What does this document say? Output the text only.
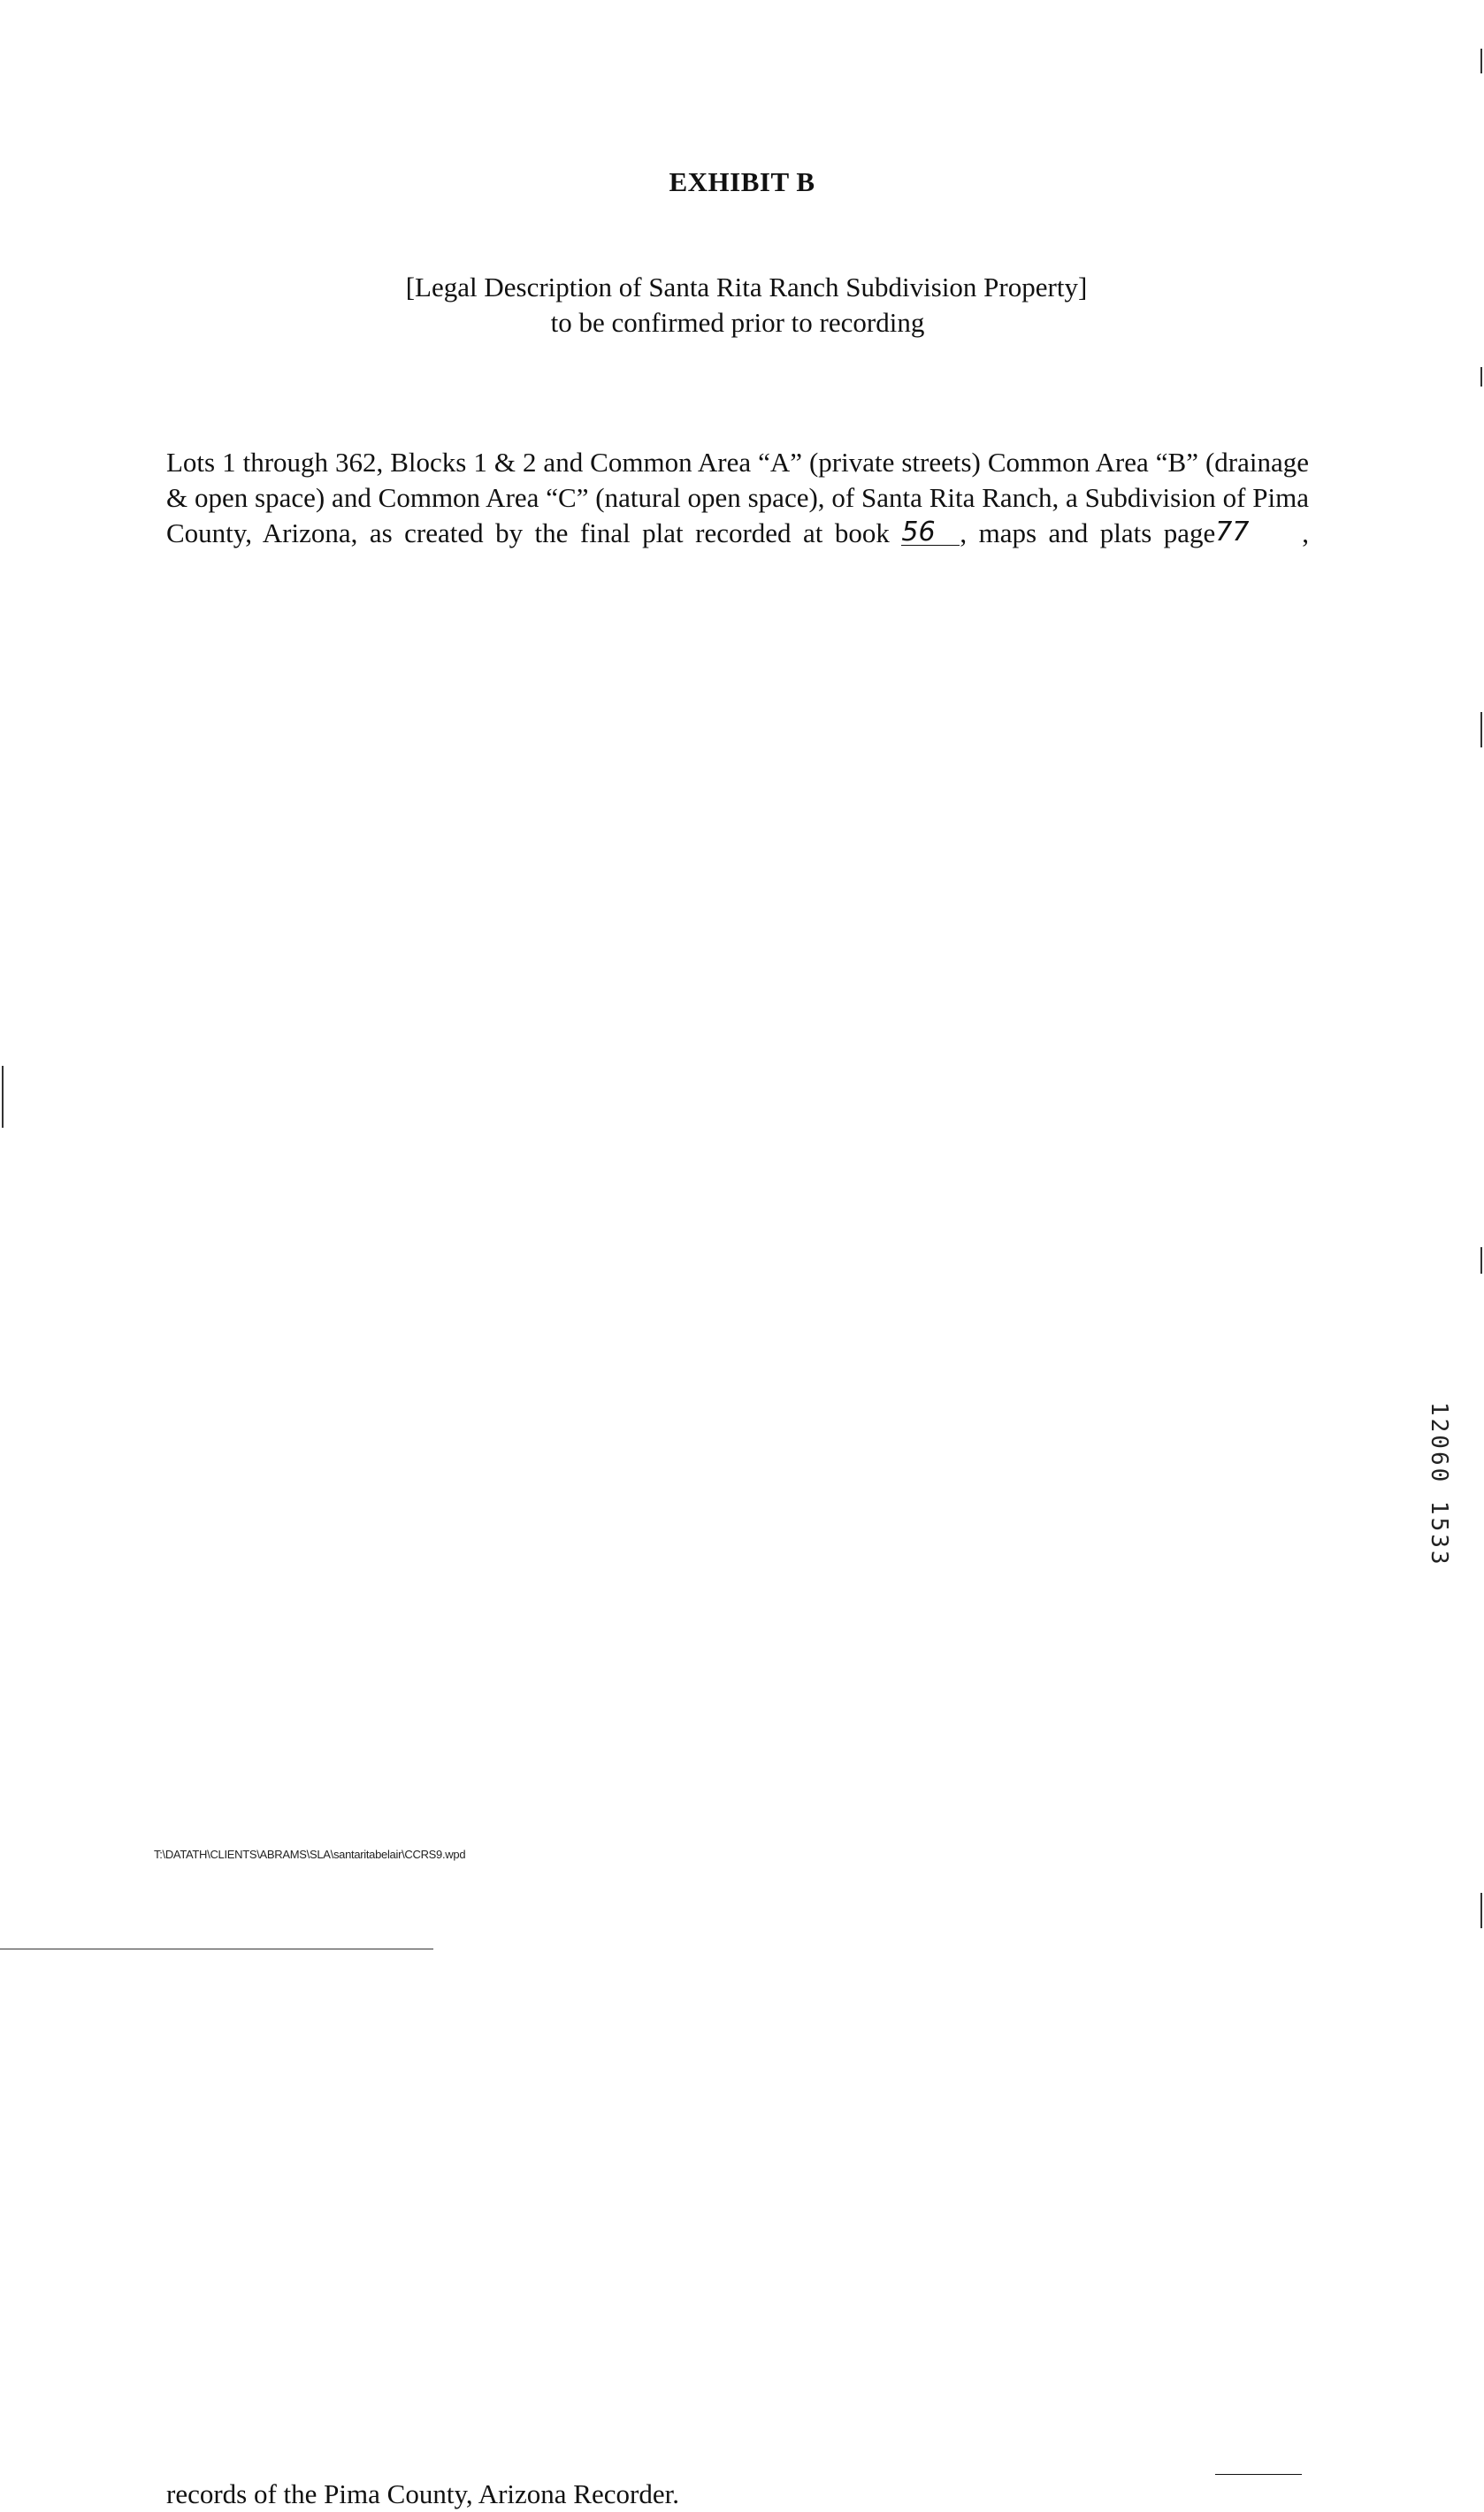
EXHIBIT B
[Legal Description of Santa Rita Ranch Subdivision Property]
to be confirmed prior to recording
Lots 1 through 362, Blocks 1 & 2 and Common Area “A” (private streets) Common Area “B” (drainage & open space) and Common Area “C” (natural open space), of Santa Rita Ranch, a Subdivision of Pima County, Arizona, as created by the final plat recorded at book 56 , maps and plats page77 , records of the Pima County, Arizona Recorder.
T:\DATATH\CLIENTS\ABRAMS\SLA\santaritabelair\CCRS9.wpd
12060 1533
